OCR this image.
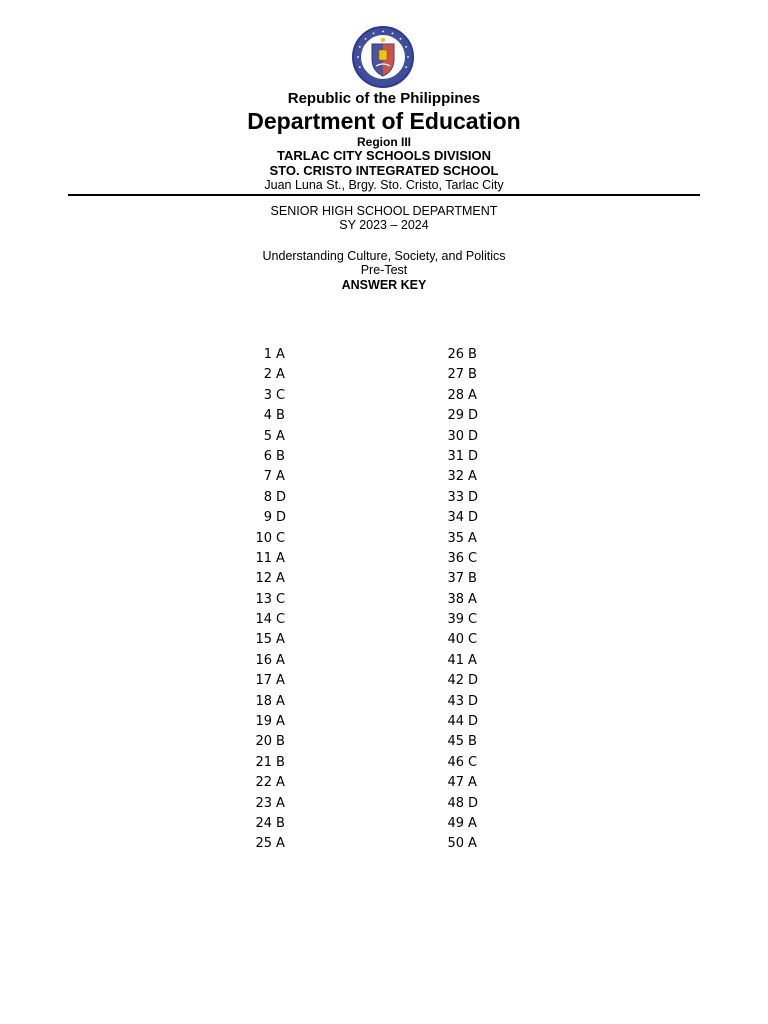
Republic of the Philippines
Department of Education
Region III
TARLAC CITY SCHOOLS DIVISION
STO. CRISTO INTEGRATED SCHOOL
Juan Luna St., Brgy. Sto. Cristo, Tarlac City
SENIOR HIGH SCHOOL DEPARTMENT
SY 2023 – 2024
Understanding Culture, Society, and Politics
Pre-Test
ANSWER KEY
1 A
2 A
3 C
4 B
5 A
6 B
7 A
8 D
9 D
10 C
11 A
12 A
13 C
14 C
15 A
16 A
17 A
18 A
19 A
20 B
21 B
22 A
23 A
24 B
25 A
26 B
27 B
28 A
29 D
30 D
31 D
32 A
33 D
34 D
35 A
36 C
37 B
38 A
39 C
40 C
41 A
42 D
43 D
44 D
45 B
46 C
47 A
48 D
49 A
50 A
